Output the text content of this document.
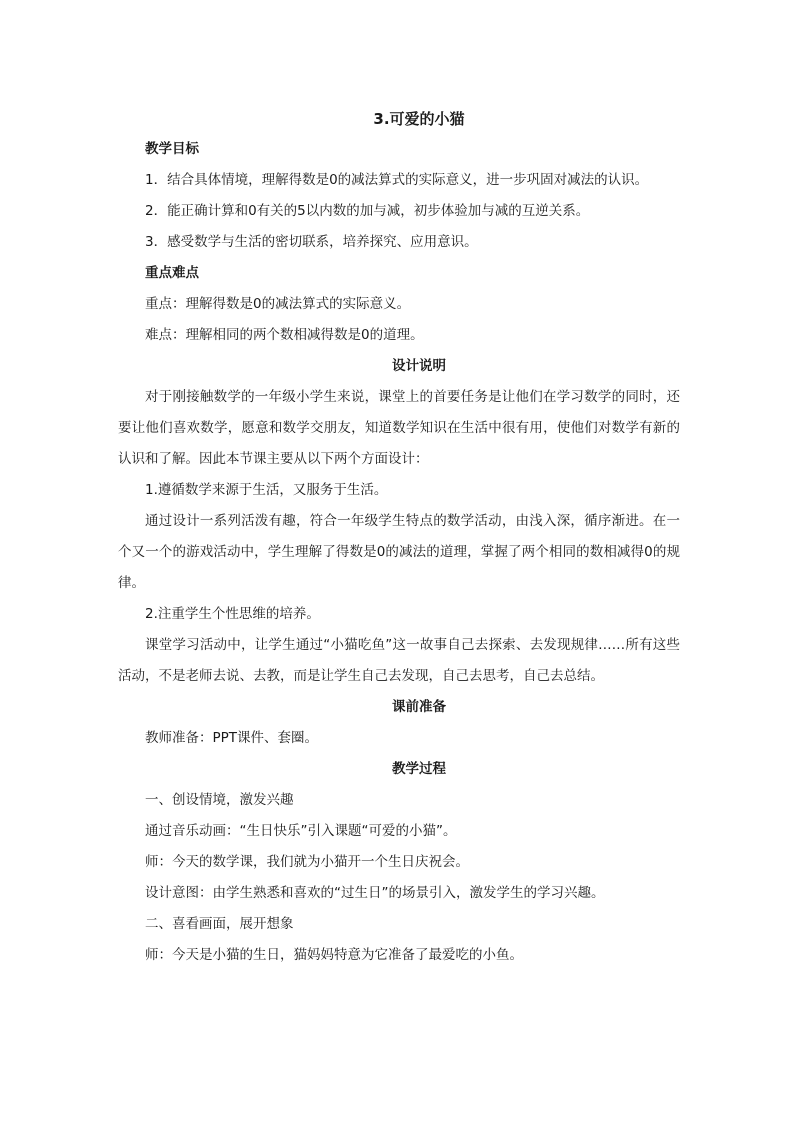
3.可爱的小猫
教学目标
1．结合具体情境，理解得数是0的减法算式的实际意义，进一步巩固对减法的认识。
2．能正确计算和0有关的5以内数的加与减，初步体验加与减的互逆关系。
3．感受数学与生活的密切联系，培养探究、应用意识。
重点难点
重点：理解得数是0的减法算式的实际意义。
难点：理解相同的两个数相减得数是0的道理。
设计说明
对于刚接触数学的一年级小学生来说，课堂上的首要任务是让他们在学习数学的同时，还要让他们喜欢数学，愿意和数学交朋友，知道数学知识在生活中很有用，使他们对数学有新的认识和了解。因此本节课主要从以下两个方面设计：
1.遵循数学来源于生活，又服务于生活。
通过设计一系列活泼有趣，符合一年级学生特点的数学活动，由浅入深，循序渐进。在一个又一个的游戏活动中，学生理解了得数是0的减法的道理，掌握了两个相同的数相减得0的规律。
2.注重学生个性思维的培养。
课堂学习活动中，让学生通过“小猫吃鱼”这一故事自己去探索、去发现规律……所有这些活动，不是老师去说、去教，而是让学生自己去发现，自己去思考，自己去总结。
课前准备
教师准备：PPT课件、套圈。
教学过程
一、创设情境，激发兴趣
通过音乐动画：“生日快乐”引入课题“可爱的小猫”。
师：今天的数学课，我们就为小猫开一个生日庆祝会。
设计意图：由学生熟悉和喜欢的“过生日”的场景引入，激发学生的学习兴趣。
二、喜看画面，展开想象
师：今天是小猫的生日，猫妈妈特意为它准备了最爱吃的小鱼。
